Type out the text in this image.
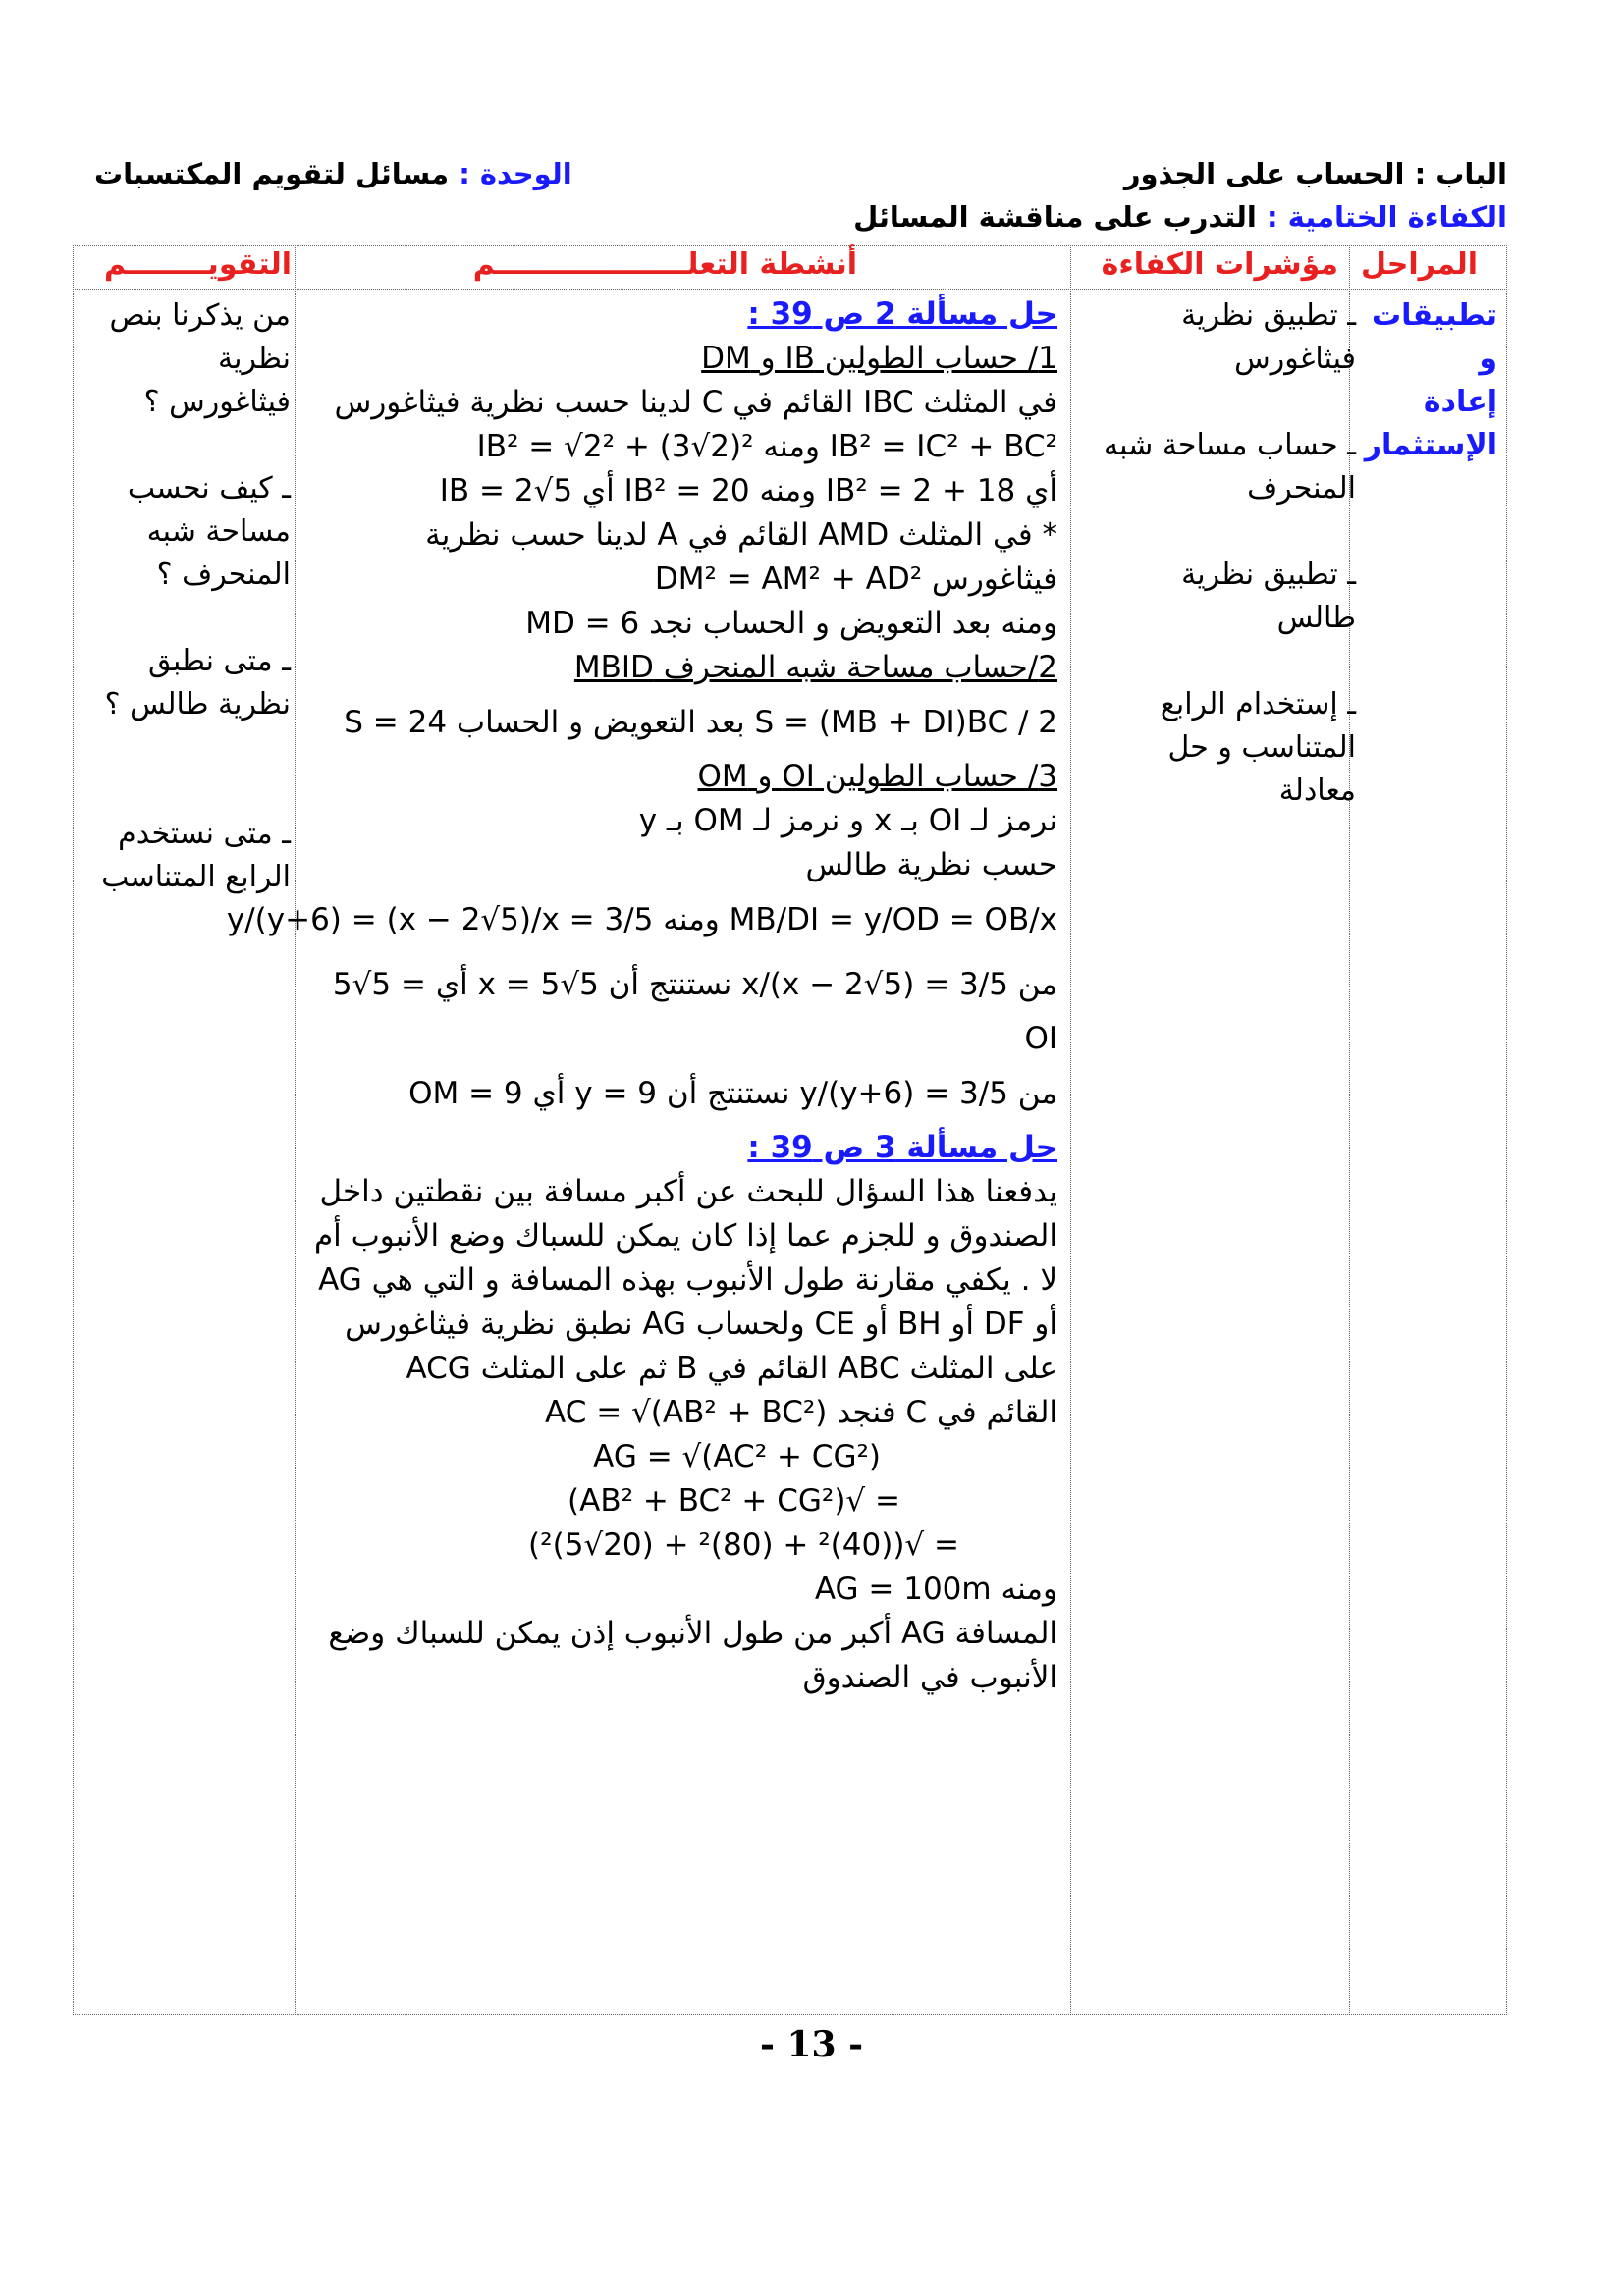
الباب : الحساب على الجذور
الكفاءة الختامية : التدرب على مناقشة المسائل
الوحدة : مسائل لتقويم المكتسبات
المراحل
مؤشرات الكفاءة
أنشطة التعلـــــــــــــــــــم
التقويــــــــم
تطبيقات و
إعادة
الإستثمار
ـ تطبيق نظرية
فيثاغورس
ـ حساب مساحة شبه
المنحرف
ـ تطبيق نظرية
طالس
ـ إستخدام الرابع
المتناسب و حل
معادلة
من يذكرنا بنص
نظرية
فيثاغورس ؟
ـ كيف نحسب
مساحة شبه
المنحرف ؟
ـ متى نطبق
نظرية طالس ؟
ـ متى نستخدم
الرابع المتناسب
حل مسألة 2 ص 39 :
1/ حساب الطولين IB و DM
في المثلث IBC القائم في C لدينا حسب نظرية فيثاغورس
IB² = IC² + BC² ومنه IB² = √2² + (3√2)²
أي IB² = 2 + 18 ومنه IB² = 20 أي IB = 2√5
* في المثلث AMD القائم في A لدينا حسب نظرية
فيثاغورس DM² = AM² + AD²
ومنه بعد التعويض و الحساب نجد MD = 6
2/حساب مساحة شبه المنحرف MBID
S = (MB + DI)BC / 2 بعد التعويض و الحساب S = 24
3/ حساب الطولين OI و OM
نرمز لـ OI بـ x و نرمز لـ OM بـ y
حسب نظرية طالس
MB/DI = y/OD = OB/x ومنه 3/5 = y/(y+6) = (x − 2√5)/x
من 3/5 = (x − 2√5)/x نستنتج أن x = 5√5 أي = 5√5
OI
من 3/5 = y/(y+6) نستنتج أن y = 9 أي OM = 9
حل مسألة 3 ص 39 :
يدفعنا هذا السؤال للبحث عن أكبر مسافة بين نقطتين داخل
الصندوق و للجزم عما إذا كان يمكن للسباك وضع الأنبوب أم
لا . يكفي مقارنة طول الأنبوب بهذه المسافة و التي هي AG
أو DF أو BH أو CE ولحساب AG نطبق نظرية فيثاغورس
على المثلث ABC القائم في B ثم على المثلث ACG
القائم في C فنجد AC = √(AB² + BC²)
AG = √(AC² + CG²)
= √(AB² + BC² + CG²)
= √((40)² + (80)² + (20√5)²)
ومنه AG = 100m
المسافة AG أكبر من طول الأنبوب إذن يمكن للسباك وضع
الأنبوب في الصندوق
- 13 -
